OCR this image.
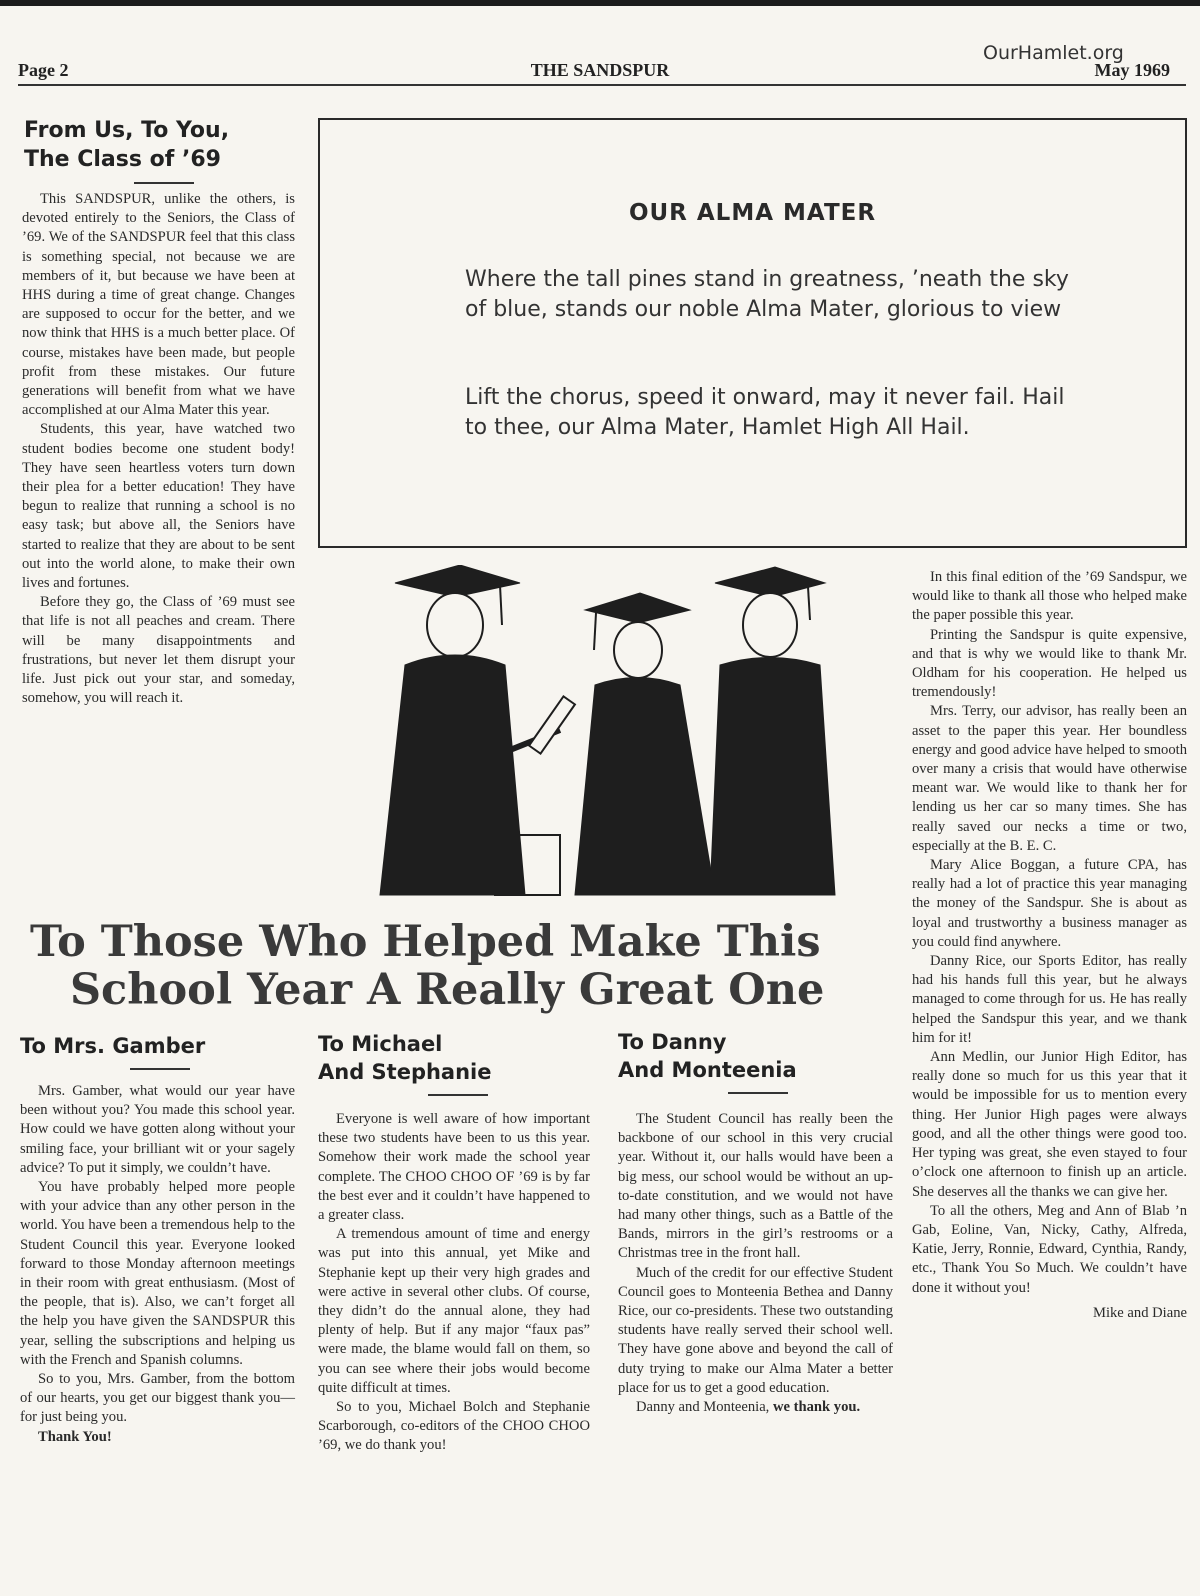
OurHamlet.org
Page 2	THE SANDSPUR	May 1969
From Us, To You,
The Class of ’69

This SANDSPUR, unlike the others, is devoted entirely to the Seniors, the Class of ’69. We of the SANDSPUR feel that this class is something special, not because we are members of it, but because we have been at HHS during a time of great change. Changes are supposed to occur for the better, and we now think that HHS is a much better place. Of course, mistakes have been made, but people profit from these mistakes. Our future generations will benefit from what we have accomplished at our Alma Mater this year.

Students, this year, have watched two student bodies become one student body! They have seen heartless voters turn down their plea for a better education! They have begun to realize that running a school is no easy task; but above all, the Seniors have started to realize that they are about to be sent out into the world alone, to make their own lives and fortunes.

Before they go, the Class of ’69 must see that life is not all peaches and cream. There will be many disappointments and frustrations, but never let them disrupt your life. Just pick out your star, and someday, somehow, you will reach it.

OUR ALMA MATER
Where the tall pines stand in greatness, ’neath the sky of blue, stands our noble Alma Mater, glorious to view
Lift the chorus, speed it onward, may it never fail. Hail to thee, our Alma Mater, Hamlet High All Hail.
To Those Who Helped Make This
School Year A Really Great One
To Mrs. Gamber

Mrs. Gamber, what would our year have been without you? You made this school year. How could we have gotten along without your smiling face, your brilliant wit or your sagely advice? To put it simply, we couldn’t have.

You have probably helped more people with your advice than any other person in the world. You have been a tremendous help to the Student Council this year. Everyone looked forward to those Monday afternoon meetings in their room with great enthusiasm. (Most of the people, that is). Also, we can’t forget all the help you have given the SANDSPUR this year, selling the subscriptions and helping us with the French and Spanish columns.

So to you, Mrs. Gamber, from the bottom of our hearts, you get our biggest thank you—for just being you.

Thank You!

To Michael
And Stephanie

Everyone is well aware of how important these two students have been to us this year. Somehow their work made the school year complete. The CHOO CHOO OF ’69 is by far the best ever and it couldn’t have happened to a greater class.

A tremendous amount of time and energy was put into this annual, yet Mike and Stephanie kept up their very high grades and were active in several other clubs. Of course, they didn’t do the annual alone, they had plenty of help. But if any major “faux pas” were made, the blame would fall on them, so you can see where their jobs would become quite difficult at times.

So to you, Michael Bolch and Stephanie Scarborough, co-editors of the CHOO CHOO ’69, we do thank you!

To Danny
And Monteenia

The Student Council has really been the backbone of our school in this very crucial year. Without it, our halls would have been a big mess, our school would be without an up-to-date constitution, and we would not have had many other things, such as a Battle of the Bands, mirrors in the girl’s restrooms or a Christmas tree in the front hall.

Much of the credit for our effective Student Council goes to Monteenia Bethea and Danny Rice, our co-presidents. These two outstanding students have really served their school well. They have gone above and beyond the call of duty trying to make our Alma Mater a better place for us to get a good education.

Danny and Monteenia, we thank you.

In this final edition of the ’69 Sandspur, we would like to thank all those who helped make the paper possible this year.

Printing the Sandspur is quite expensive, and that is why we would like to thank Mr. Oldham for his cooperation. He helped us tremendously!

Mrs. Terry, our advisor, has really been an asset to the paper this year. Her boundless energy and good advice have helped to smooth over many a crisis that would have otherwise meant war. We would like to thank her for lending us her car so many times. She has really saved our necks a time or two, especially at the B. E. C.

Mary Alice Boggan, a future CPA, has really had a lot of practice this year managing the money of the Sandspur. She is about as loyal and trustworthy a business manager as you could find anywhere.

Danny Rice, our Sports Editor, has really had his hands full this year, but he always managed to come through for us. He has really helped the Sandspur this year, and we thank him for it!

Ann Medlin, our Junior High Editor, has really done so much for us this year that it would be impossible for us to mention every thing. Her Junior High pages were always good, and all the other things were good too. Her typing was great, she even stayed to four o’clock one afternoon to finish up an article. She deserves all the thanks we can give her.

To all the others, Meg and Ann of Blab ’n Gab, Eoline, Van, Nicky, Cathy, Alfreda, Katie, Jerry, Ronnie, Edward, Cynthia, Randy, etc., Thank You So Much. We couldn’t have done it without you!

Mike and Diane
